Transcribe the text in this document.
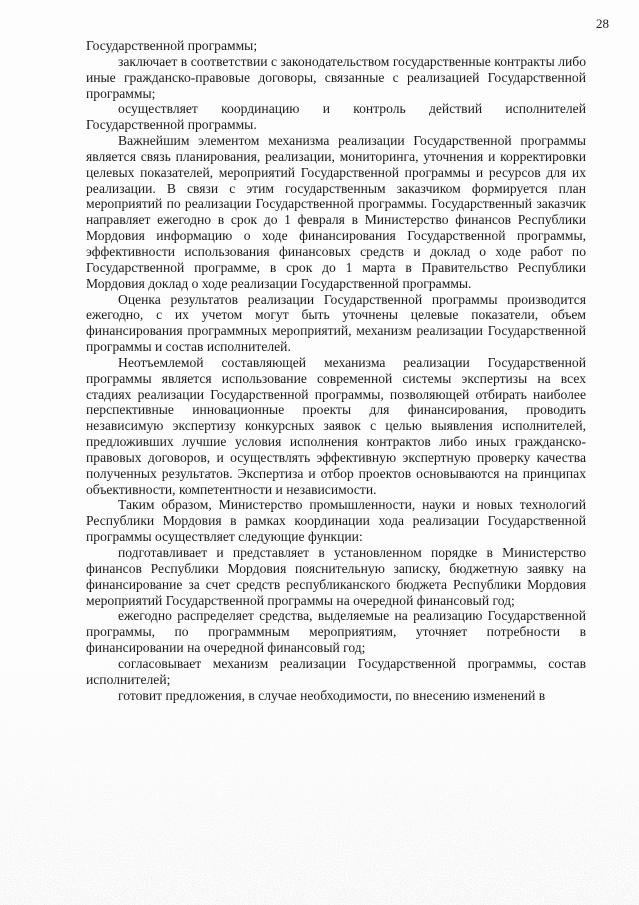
28

Государственной программы;

заключает в соответствии с законодательством государственные контракты либо иные гражданско-правовые договоры, связанные с реализацией Государственной программы;

осуществляет координацию и контроль действий исполнителей Государственной программы.

Важнейшим элементом механизма реализации Государственной программы является связь планирования, реализации, мониторинга, уточнения и корректировки целевых показателей, мероприятий Государственной программы и ресурсов для их реализации. В связи с этим государственным заказчиком формируется план мероприятий по реализации Государственной программы. Государственный заказчик направляет ежегодно в срок до 1 февраля в Министерство финансов Республики Мордовия информацию о ходе финансирования Государственной программы, эффективности использования финансовых средств и доклад о ходе работ по Государственной программе, в срок до 1 марта в Правительство Республики Мордовия доклад о ходе реализации Государственной программы.

Оценка результатов реализации Государственной программы производится ежегодно, с их учетом могут быть уточнены целевые показатели, объем финансирования программных мероприятий, механизм реализации Государственной программы и состав исполнителей.

Неотъемлемой составляющей механизма реализации Государственной программы является использование современной системы экспертизы на всех стадиях реализации Государственной программы, позволяющей отбирать наиболее перспективные инновационные проекты для финансирования, проводить независимую экспертизу конкурсных заявок с целью выявления исполнителей, предложивших лучшие условия исполнения контрактов либо иных гражданско-правовых договоров, и осуществлять эффективную экспертную проверку качества полученных результатов. Экспертиза и отбор проектов основываются на принципах объективности, компетентности и независимости.

Таким образом, Министерство промышленности, науки и новых технологий Республики Мордовия в рамках координации хода реализации Государственной программы осуществляет следующие функции:

подготавливает и представляет в установленном порядке в Министерство финансов Республики Мордовия пояснительную записку, бюджетную заявку на финансирование за счет средств республиканского бюджета Республики Мордовия мероприятий Государственной программы на очередной финансовый год;

ежегодно распределяет средства, выделяемые на реализацию Государственной программы, по программным мероприятиям, уточняет потребности в финансировании на очередной финансовый год;

согласовывает механизм реализации Государственной программы, состав исполнителей;

готовит предложения, в случае необходимости, по внесению изменений в
